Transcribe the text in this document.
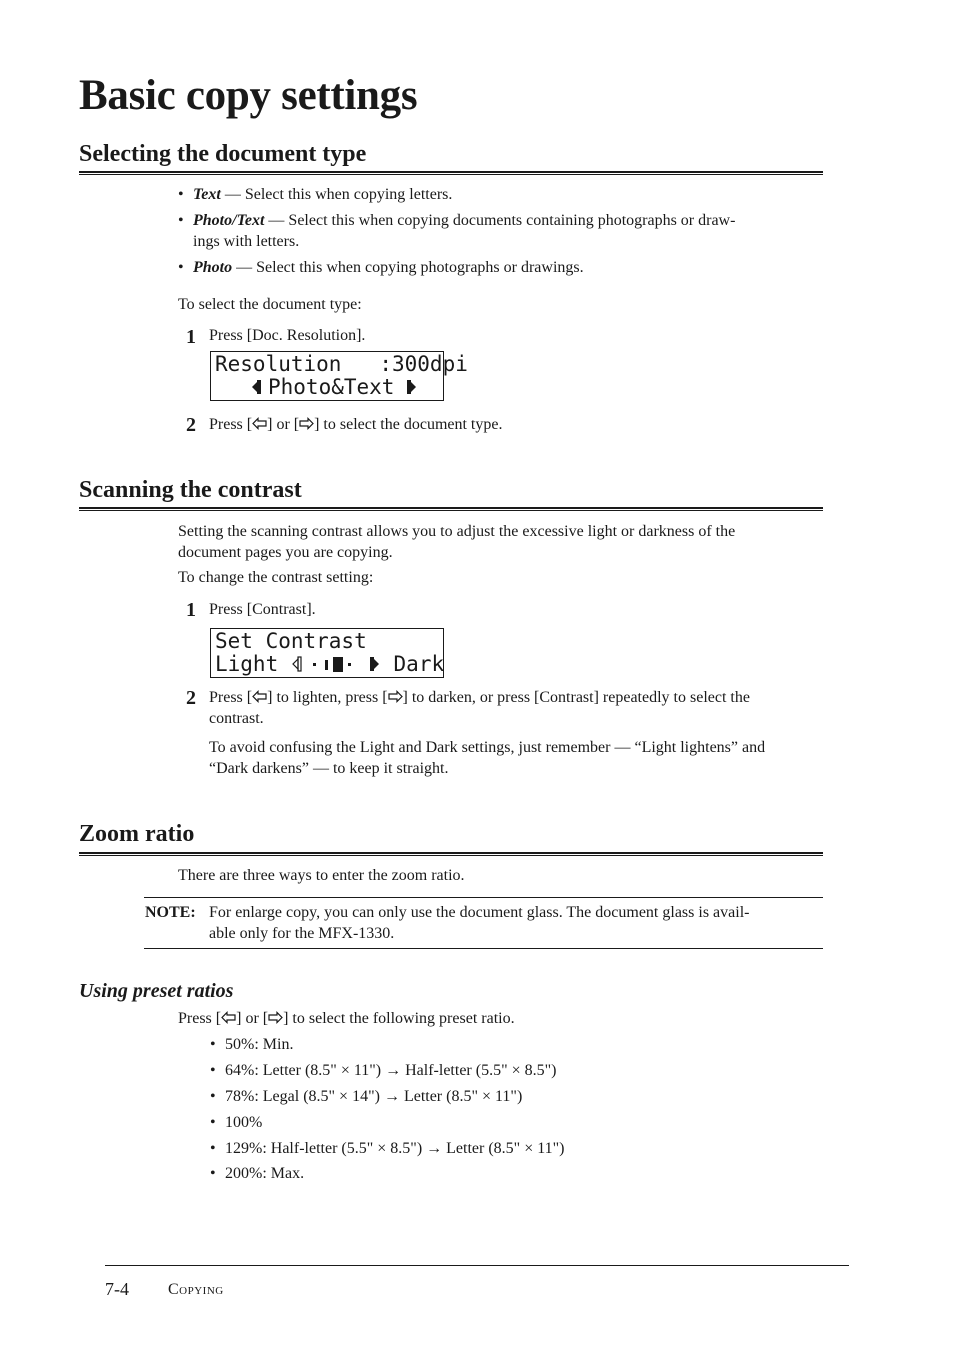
Basic copy settings
Selecting the document type
• Text — Select this when copying letters.
• Photo/Text — Select this when copying documents containing photographs or draw-
ings with letters.
• Photo — Select this when copying photographs or drawings.
To select the document type:
1 Press [Doc. Resolution].
Resolution   :300dpi
Photo&Text
2 Press [ ] or [ ] to select the document type.
Scanning the contrast
Setting the scanning contrast allows you to adjust the excessive light or darkness of the
document pages you are copying.
To change the contrast setting:
1 Press [Contrast].
Set Contrast
Light	Dark
2 Press [ ] to lighten, press [ ] to darken, or press [Contrast] repeatedly to select the
contrast.
To avoid confusing the Light and Dark settings, just remember — “Light lightens” and
“Dark darkens” — to keep it straight.
Zoom ratio
There are three ways to enter the zoom ratio.
NOTE: For enlarge copy, you can only use the document glass. The document glass is avail-
able only for the MFX-1330.
Using preset ratios
Press [ ] or [ ] to select the following preset ratio.
• 50%: Min.
• 64%: Letter (8.5" × 11") → Half-letter (5.5" × 8.5")
• 78%: Legal (8.5" × 14") → Letter (8.5" × 11")
• 100%
• 129%: Half-letter (5.5" × 8.5") → Letter (8.5" × 11")
• 200%: Max.
7-4 Copying
